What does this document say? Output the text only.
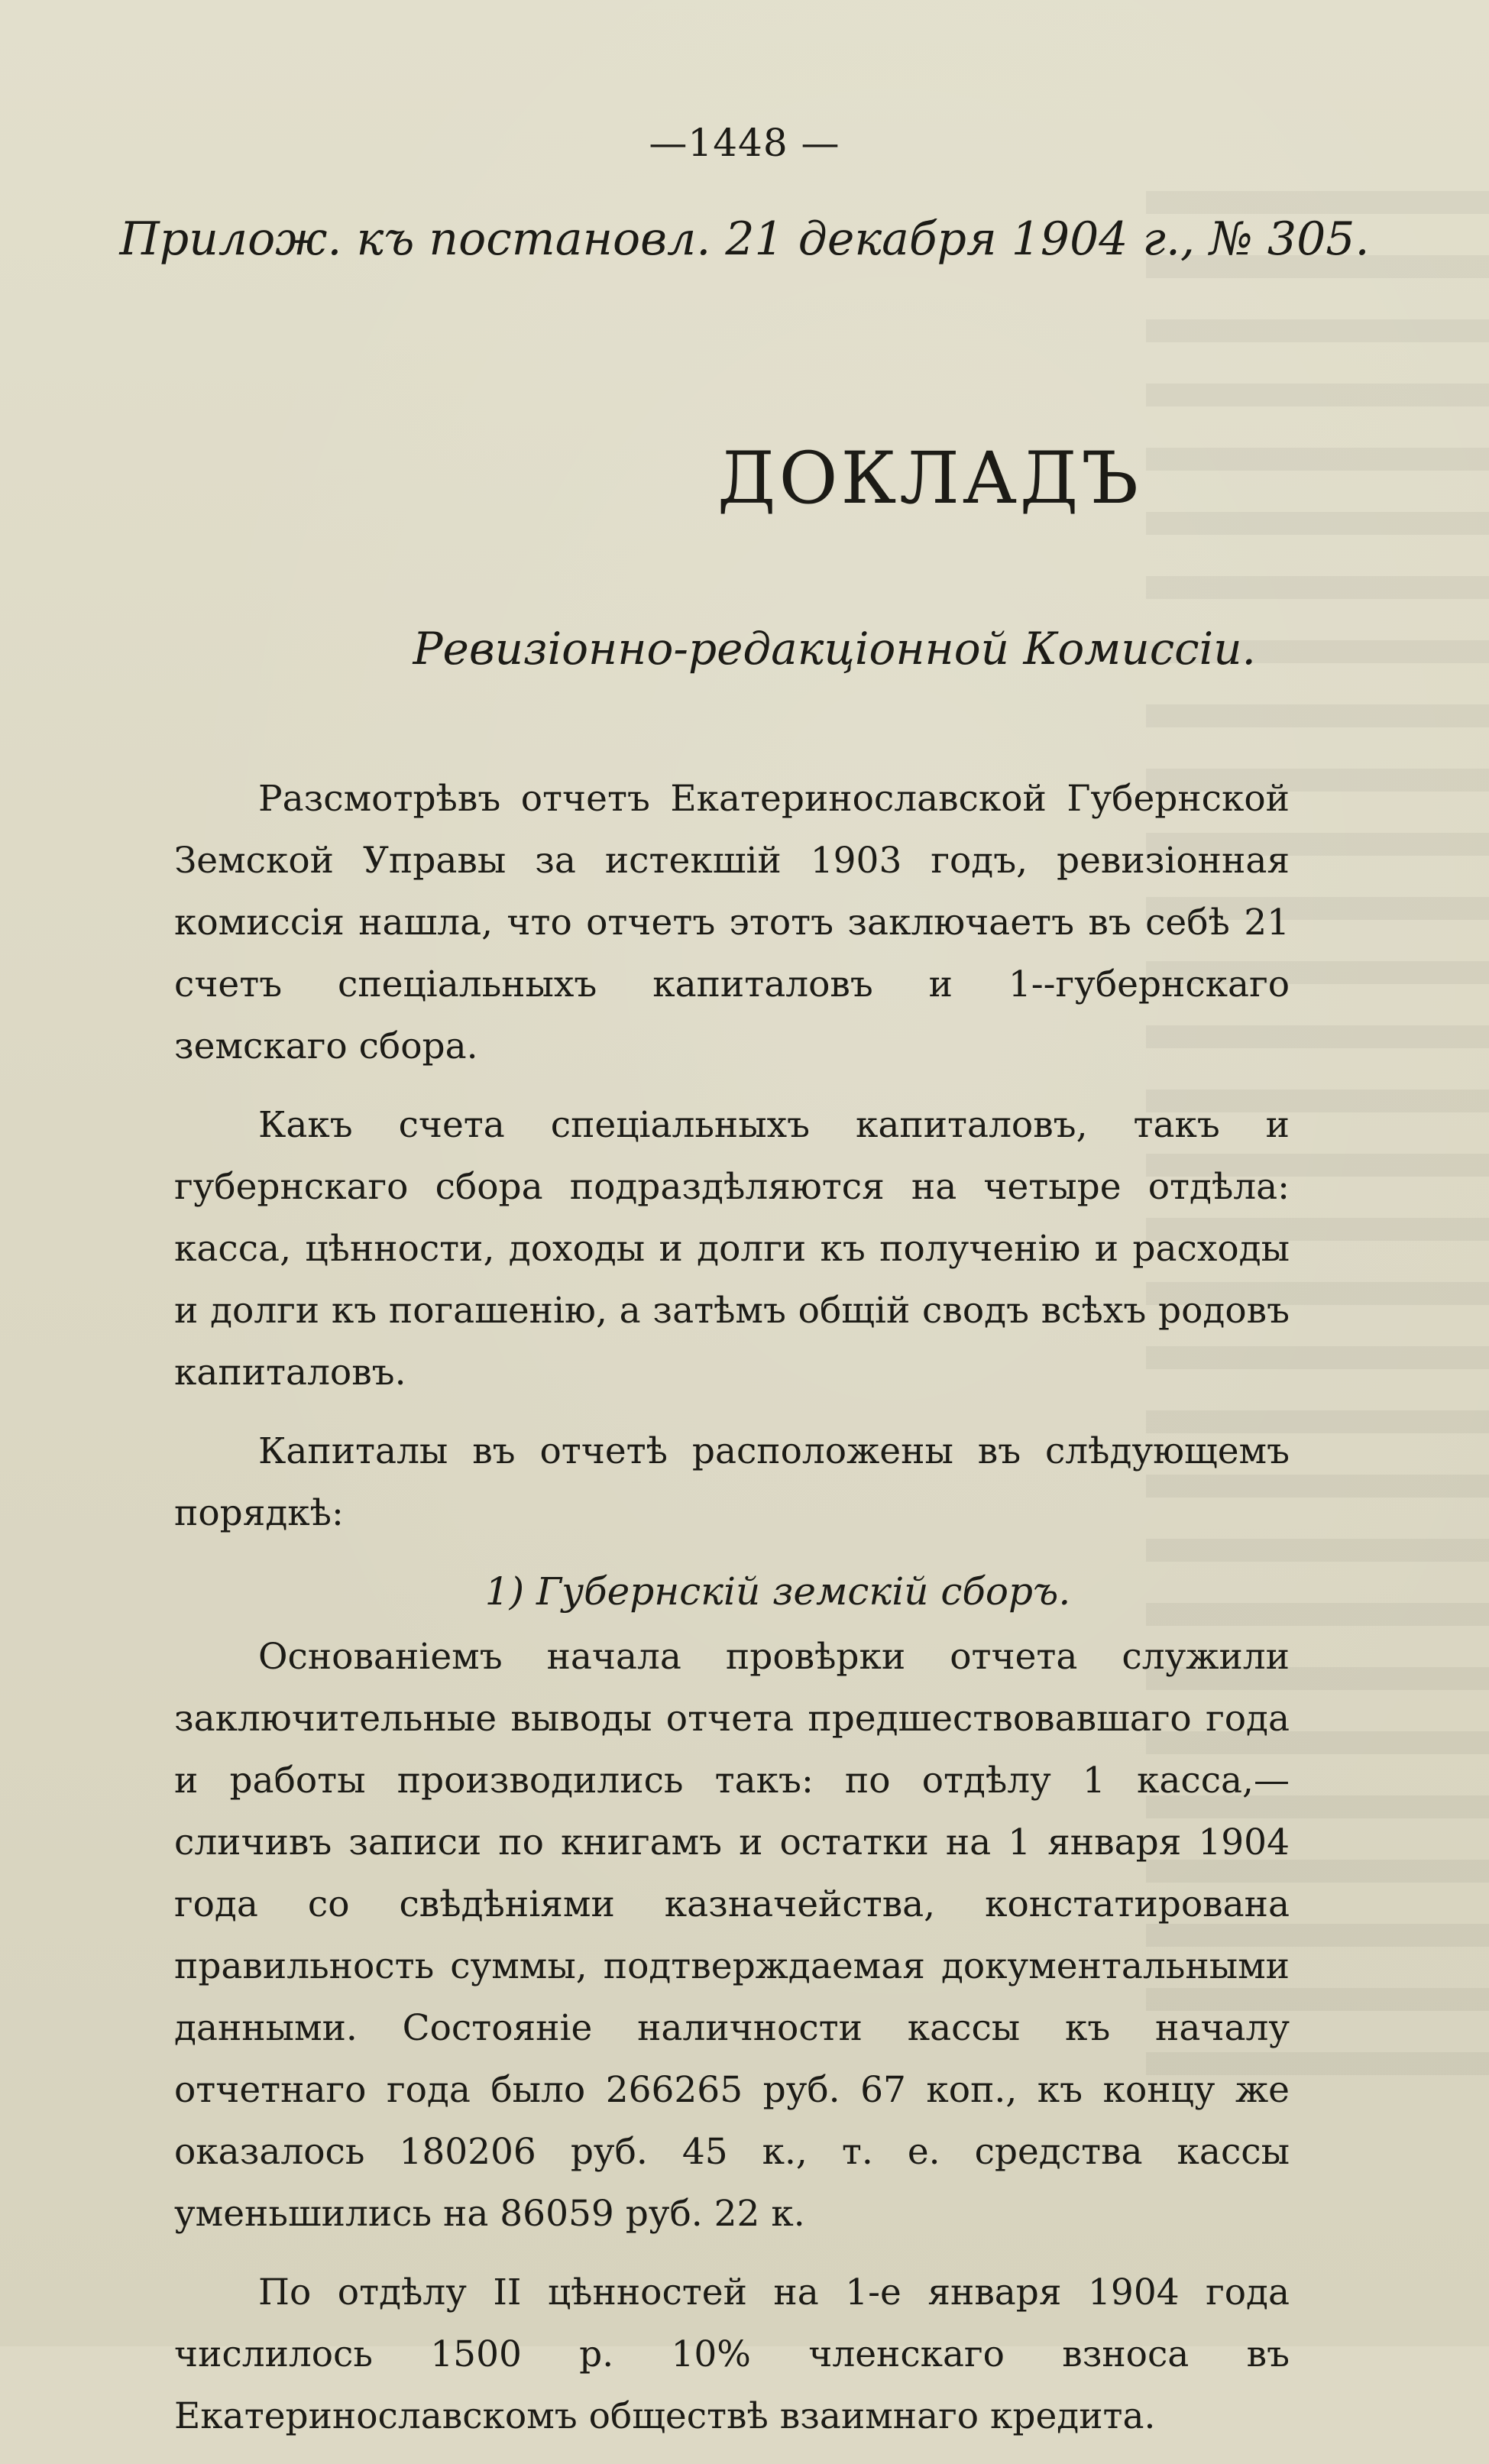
—1448 —
Прилож. къ постановл. 21 декабря 1904 г., № 305.
ДОКЛАДЪ
Ревизіонно-редакціонной Комиссіи.

Разсмотрѣвъ отчетъ Екатеринославской Губернской Земской Управы за истекшій 1903 годъ, ревизіонная комиссія нашла, что отчетъ этотъ заключаетъ въ себѣ 21 счетъ спеціальныхъ капиталовъ и 1--губернскаго земскаго сбора.

Какъ счета спеціальныхъ капиталовъ, такъ и губернскаго сбора подраздѣляются на четыре отдѣла: касса, цѣнности, доходы и долги къ полученію и расходы и долги къ погашенію, а затѣмъ общій сводъ всѣхъ родовъ капиталовъ.

Капиталы въ отчетѣ расположены въ слѣдующемъ порядкѣ:

1) Губернскій земскій сборъ.

Основаніемъ начала провѣрки отчета служили заключительные выводы отчета предшествовавшаго года и работы производились такъ: по отдѣлу 1 касса,—сличивъ записи по книгамъ и остатки на 1 января 1904 года со свѣдѣніями казначейства, констатирована правильность суммы, подтверждаемая документальными данными. Состояніе наличности кассы къ началу отчетнаго года было 266265 руб. 67 коп., къ концу же оказалось 180206 руб. 45 к., т. е. средства кассы уменьшились на 86059 руб. 22 к.

По отдѣлу II цѣнностей на 1-е января 1904 года числилось 1500 р. 10% членскаго взноса въ Екатеринославскомъ обществѣ взаимнаго кредита.
